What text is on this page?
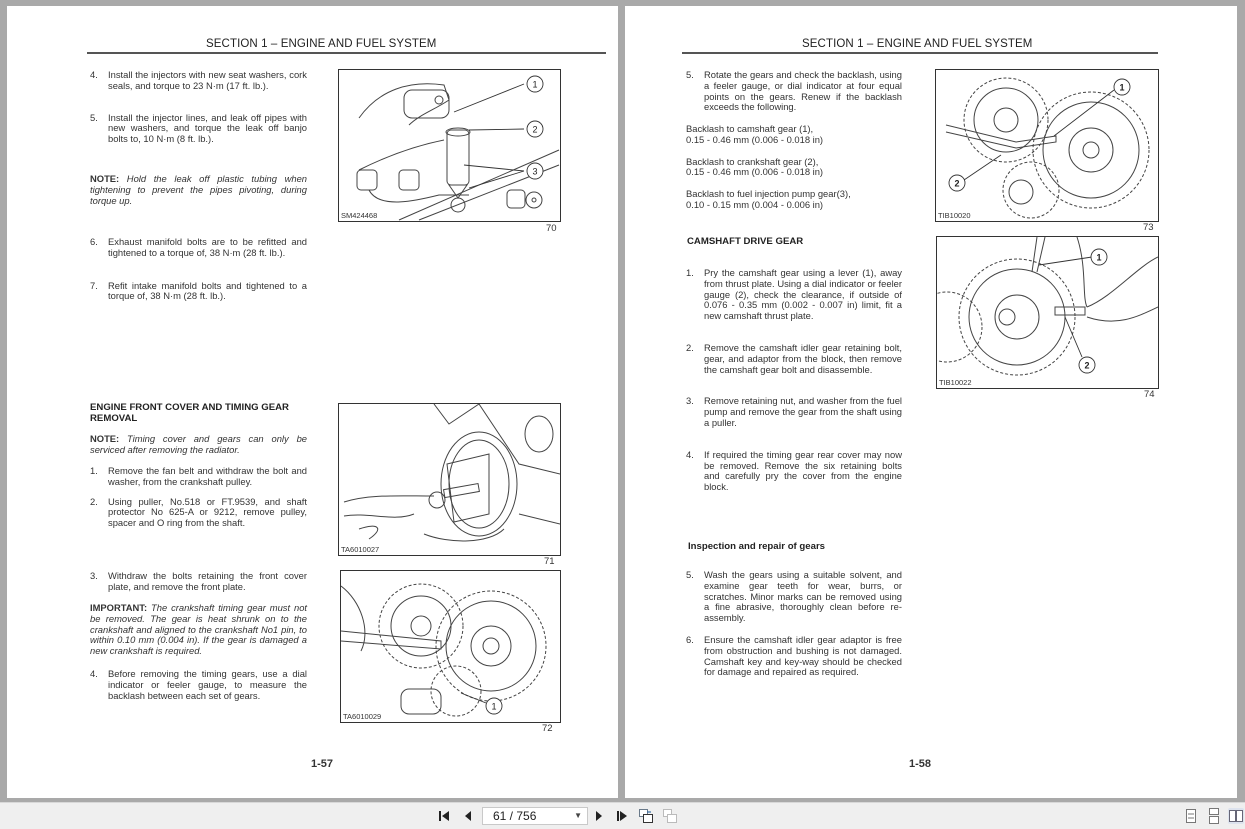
SECTION 1 – ENGINE AND FUEL SYSTEM
4.	Install the injectors with new seat washers, cork seals, and torque to 23 N·m (17 ft. lb.).
5.	Install the injector lines, and leak off pipes with new washers, and torque the leak off banjo bolts to, 10 N·m (8 ft. lb.).
NOTE: Hold the leak off plastic tubing when tightening to prevent the pipes pivoting, during torque up.
6.	Exhaust manifold bolts are to be refitted and tightened to a torque of, 38 N·m (28 ft. lb.).
7.	Refit intake manifold bolts and tightened to a torque of, 38 N·m (28 ft. lb.).
ENGINE FRONT COVER AND TIMING GEAR REMOVAL
NOTE: Timing cover and gears can only be serviced after removing the radiator.
1.	Remove the fan belt and withdraw the bolt and washer, from the crankshaft pulley.
2.	Using puller, No.518 or FT.9539, and shaft protector No 625-A or 9212, remove pulley, spacer and O ring from the shaft.
3.	Withdraw the bolts retaining the front cover plate, and remove the front plate.
IMPORTANT: The crankshaft timing gear must not be removed. The gear is heat shrunk on to the crankshaft and aligned to the crankshaft No1 pin, to within 0.10 mm (0.004 in). If the gear is damaged a new crankshaft is required.
4.	Before removing the timing gears, use a dial indicator or feeler gauge, to measure the backlash between each set of gears.
1
2
3
SM424468
70
TA6010027
71
1
TA6010029
72
1-57
SECTION 1 – ENGINE AND FUEL SYSTEM
5.	Rotate the gears and check the backlash, using a feeler gauge, or dial indicator at four equal points on the gears. Renew if the backlash exceeds the following.
Backlash to camshaft gear (1),
0.15 - 0.46 mm (0.006 - 0.018 in)
Backlash to crankshaft gear (2),
0.15 - 0.46 mm (0.006 - 0.018 in)
Backlash to fuel injection pump gear(3),
0.10 - 0.15 mm (0.004 - 0.006 in)
CAMSHAFT DRIVE GEAR
1.	Pry the camshaft gear using a lever (1), away from thrust plate. Using a dial indicator or feeler gauge (2), check the clearance, if outside of 0.076 - 0.35 mm (0.002 - 0.007 in) limit, fit a new camshaft thrust plate.
2.	Remove the camshaft idler gear retaining bolt, gear, and adaptor from the block, then remove the camshaft gear bolt and disassemble.
3.	Remove retaining nut, and washer from the fuel pump and remove the gear from the shaft using a puller.
4.	If required the timing gear rear cover may now be removed. Remove the six retaining bolts and carefully pry the cover from the engine block.
Inspection and repair of gears
5.	Wash the gears using a suitable solvent, and examine gear teeth for wear, burrs, or scratches. Minor marks can be removed using a fine abrasive, thoroughly clean before re-assembly.
6.	Ensure the camshaft idler gear adaptor is free from obstruction and bushing is not damaged. Camshaft key and key-way should be checked for damage and repaired as required.
1
2
TIB10020
73
1
2
TIB10022
74
1-58
61 / 756	▼
